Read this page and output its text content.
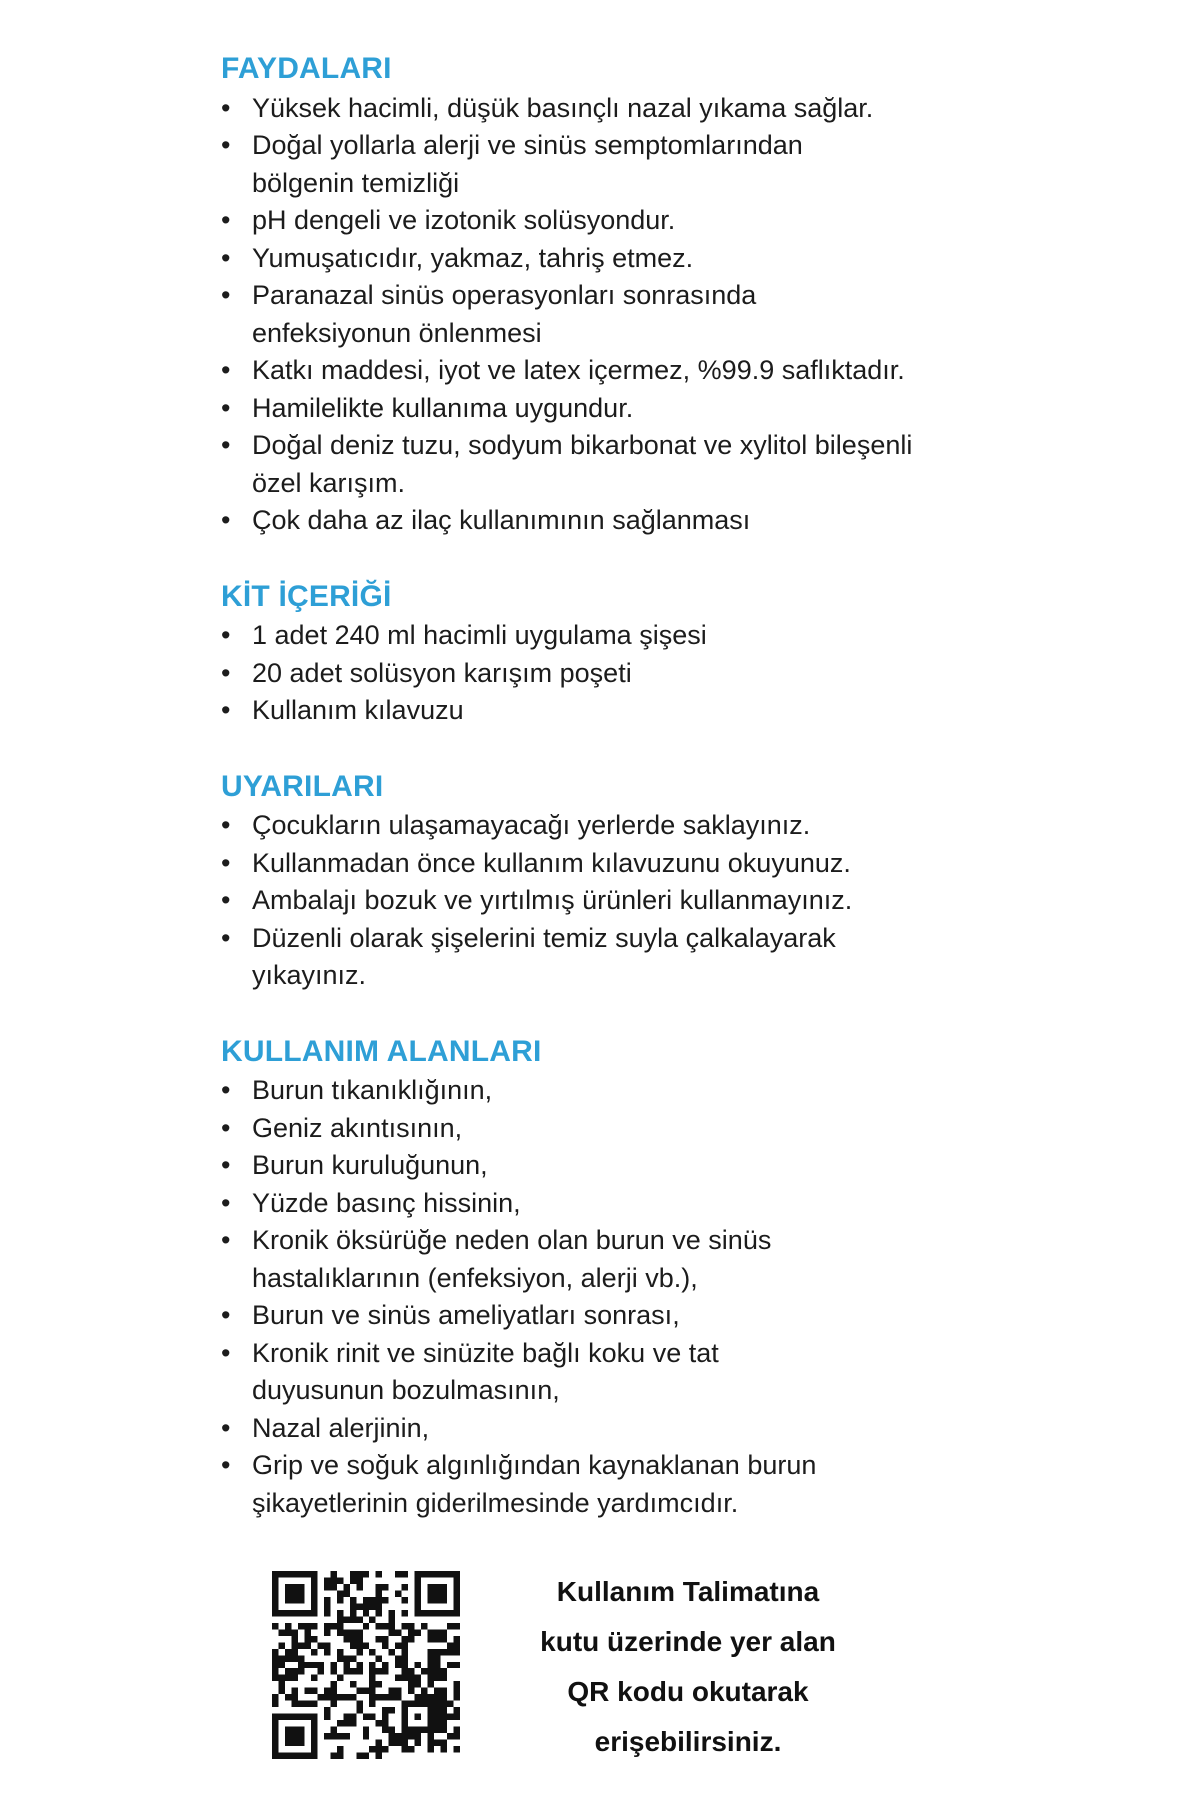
FAYDALARI
• Yüksek hacimli, düşük basınçlı nazal yıkama sağlar.
• Doğal yollarla alerji ve sinüs semptomlarından
bölgenin temizliği
• pH dengeli ve izotonik solüsyondur.
• Yumuşatıcıdır, yakmaz, tahriş etmez.
• Paranazal sinüs operasyonları sonrasında
enfeksiyonun önlenmesi
• Katkı maddesi, iyot ve latex içermez, %99.9 saflıktadır.
• Hamilelikte kullanıma uygundur.
• Doğal deniz tuzu, sodyum bikarbonat ve xylitol bileşenli
özel karışım.
• Çok daha az ilaç kullanımının sağlanması
KİT İÇERİĞİ
• 1 adet 240 ml hacimli uygulama şişesi
• 20 adet solüsyon karışım poşeti
• Kullanım kılavuzu
UYARILARI
• Çocukların ulaşamayacağı yerlerde saklayınız.
• Kullanmadan önce kullanım kılavuzunu okuyunuz.
• Ambalajı bozuk ve yırtılmış ürünleri kullanmayınız.
• Düzenli olarak şişelerini temiz suyla çalkalayarak
yıkayınız.
KULLANIM ALANLARI
• Burun tıkanıklığının,
• Geniz akıntısının,
• Burun kuruluğunun,
• Yüzde basınç hissinin,
• Kronik öksürüğe neden olan burun ve sinüs
hastalıklarının (enfeksiyon, alerji vb.),
• Burun ve sinüs ameliyatları sonrası,
• Kronik rinit ve sinüzite bağlı koku ve tat
duyusunun bozulmasının,
• Nazal alerjinin,
• Grip ve soğuk algınlığından kaynaklanan burun
şikayetlerinin giderilmesinde yardımcıdır.
Kullanım Talimatına
kutu üzerinde yer alan
QR kodu okutarak
erişebilirsiniz.
